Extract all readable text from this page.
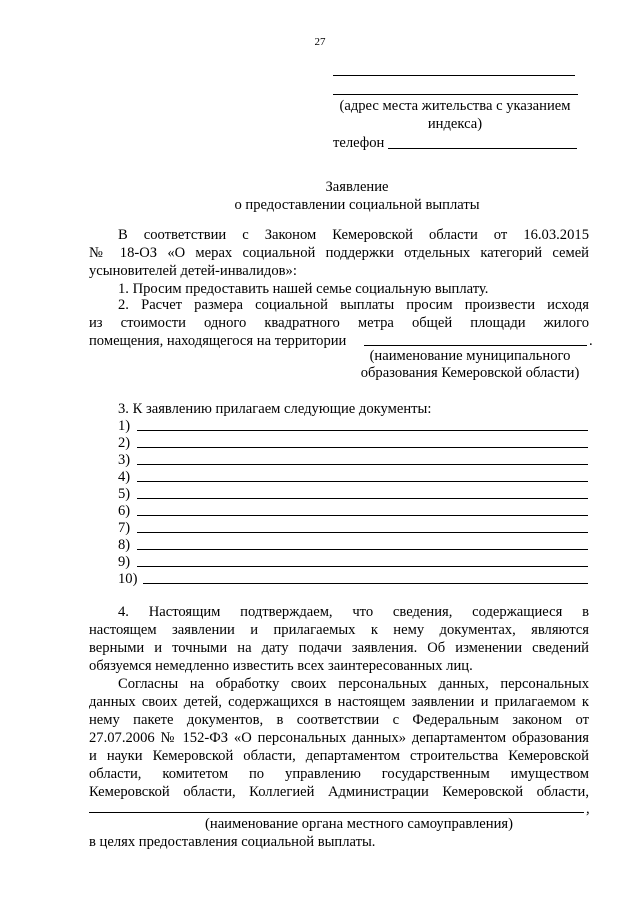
27
(адрес места жительства с указанием
индекса)
телефон
Заявление
о предоставлении социальной выплаты
В соответствии с Законом Кемеровской области от 16.03.2015
№ 18-ОЗ «О мерах социальной поддержки отдельных категорий семей
усыновителей детей-инвалидов»:
1. Просим предоставить нашей семье социальную выплату.
2. Расчет размера социальной выплаты просим произвести исходя
из стоимости одного квадратного метра общей площади жилого
помещения, находящегося на территории	.
(наименование муниципального
образования Кемеровской области)
3. К заявлению прилагаем следующие документы:
1)
2)
3)
4)
5)
6)
7)
8)
9)
10)
4. Настоящим подтверждаем, что сведения, содержащиеся в
настоящем заявлении и прилагаемых к нему документах, являются
верными и точными на дату подачи заявления. Об изменении сведений
обязуемся немедленно известить всех заинтересованных лиц.
Согласны на обработку своих персональных данных, персональных
данных своих детей, содержащихся в настоящем заявлении и прилагаемом к
нему пакете документов, в соответствии с Федеральным законом от
27.07.2006 № 152-ФЗ «О персональных данных» департаментом образования
и науки Кемеровской области, департаментом строительства Кемеровской
области, комитетом по управлению государственным имуществом
Кемеровской области, Коллегией Администрации Кемеровской области,
,
(наименование органа местного самоуправления)
в целях предоставления социальной выплаты.
